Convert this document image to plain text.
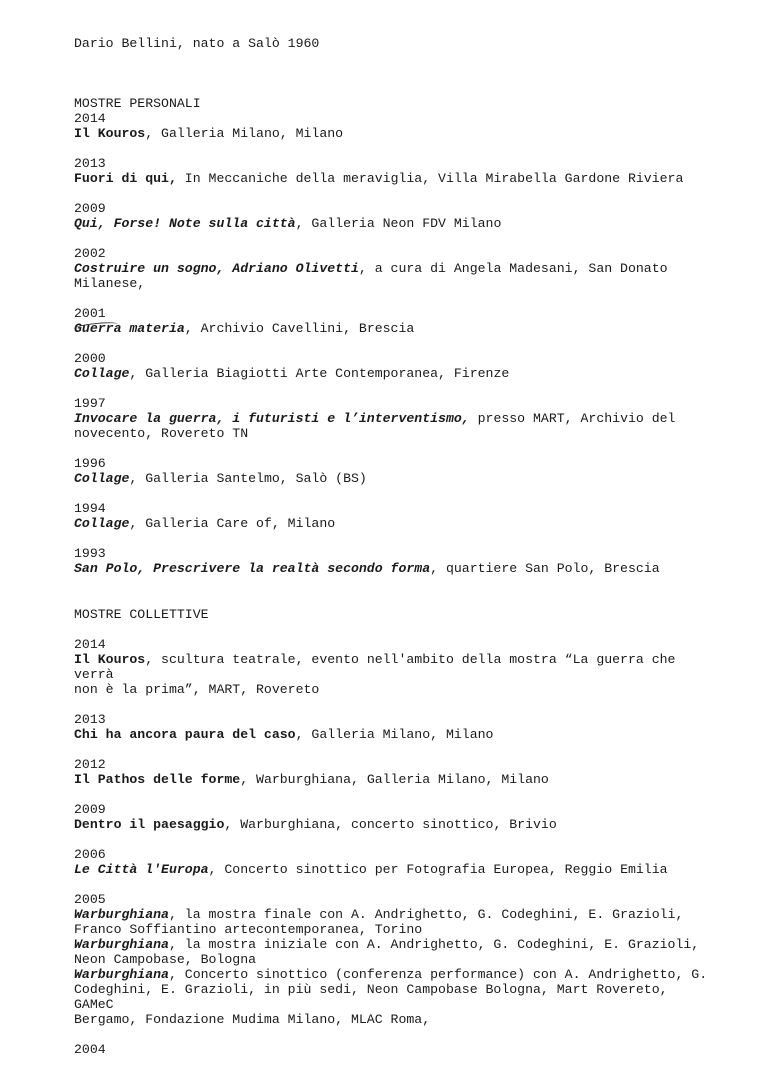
Dario Bellini, nato a Salò 1960
MOSTRE PERSONALI
2014
Il Kouros, Galleria Milano, Milano
2013
Fuori di qui, In Meccaniche della meraviglia, Villa Mirabella Gardone Riviera
2009
Qui, Forse! Note sulla città, Galleria Neon FDV Milano
2002
Costruire un sogno, Adriano Olivetti, a cura di Angela Madesani, San Donato
Milanese,
2001
Guerra materia, Archivio Cavellini, Brescia
2000
Collage, Galleria Biagiotti Arte Contemporanea, Firenze
1997
Invocare la guerra, i futuristi e l’interventismo, presso MART, Archivio del
novecento, Rovereto TN
1996
Collage, Galleria Santelmo, Salò (BS)
1994
Collage, Galleria Care of, Milano
1993
San Polo, Prescrivere la realtà secondo forma, quartiere San Polo, Brescia
MOSTRE COLLETTIVE
2014
Il Kouros, scultura teatrale, evento nell'ambito della mostra “La guerra che verrà
non è la prima”, MART, Rovereto
2013
Chi ha ancora paura del caso, Galleria Milano, Milano
2012
Il Pathos delle forme, Warburghiana, Galleria Milano, Milano
2009
Dentro il paesaggio, Warburghiana, concerto sinottico, Brivio
2006
Le Città l'Europa, Concerto sinottico per Fotografia Europea, Reggio Emilia
2005
Warburghiana, la mostra finale con A. Andrighetto, G. Codeghini, E. Grazioli,
Franco Soffiantino artecontemporanea, Torino
Warburghiana, la mostra iniziale con A. Andrighetto, G. Codeghini, E. Grazioli,
Neon Campobase, Bologna
Warburghiana, Concerto sinottico (conferenza performance) con A. Andrighetto, G.
Codeghini, E. Grazioli, in più sedi, Neon Campobase Bologna, Mart Rovereto, GAMeC
Bergamo, Fondazione Mudima Milano, MLAC Roma,
2004
